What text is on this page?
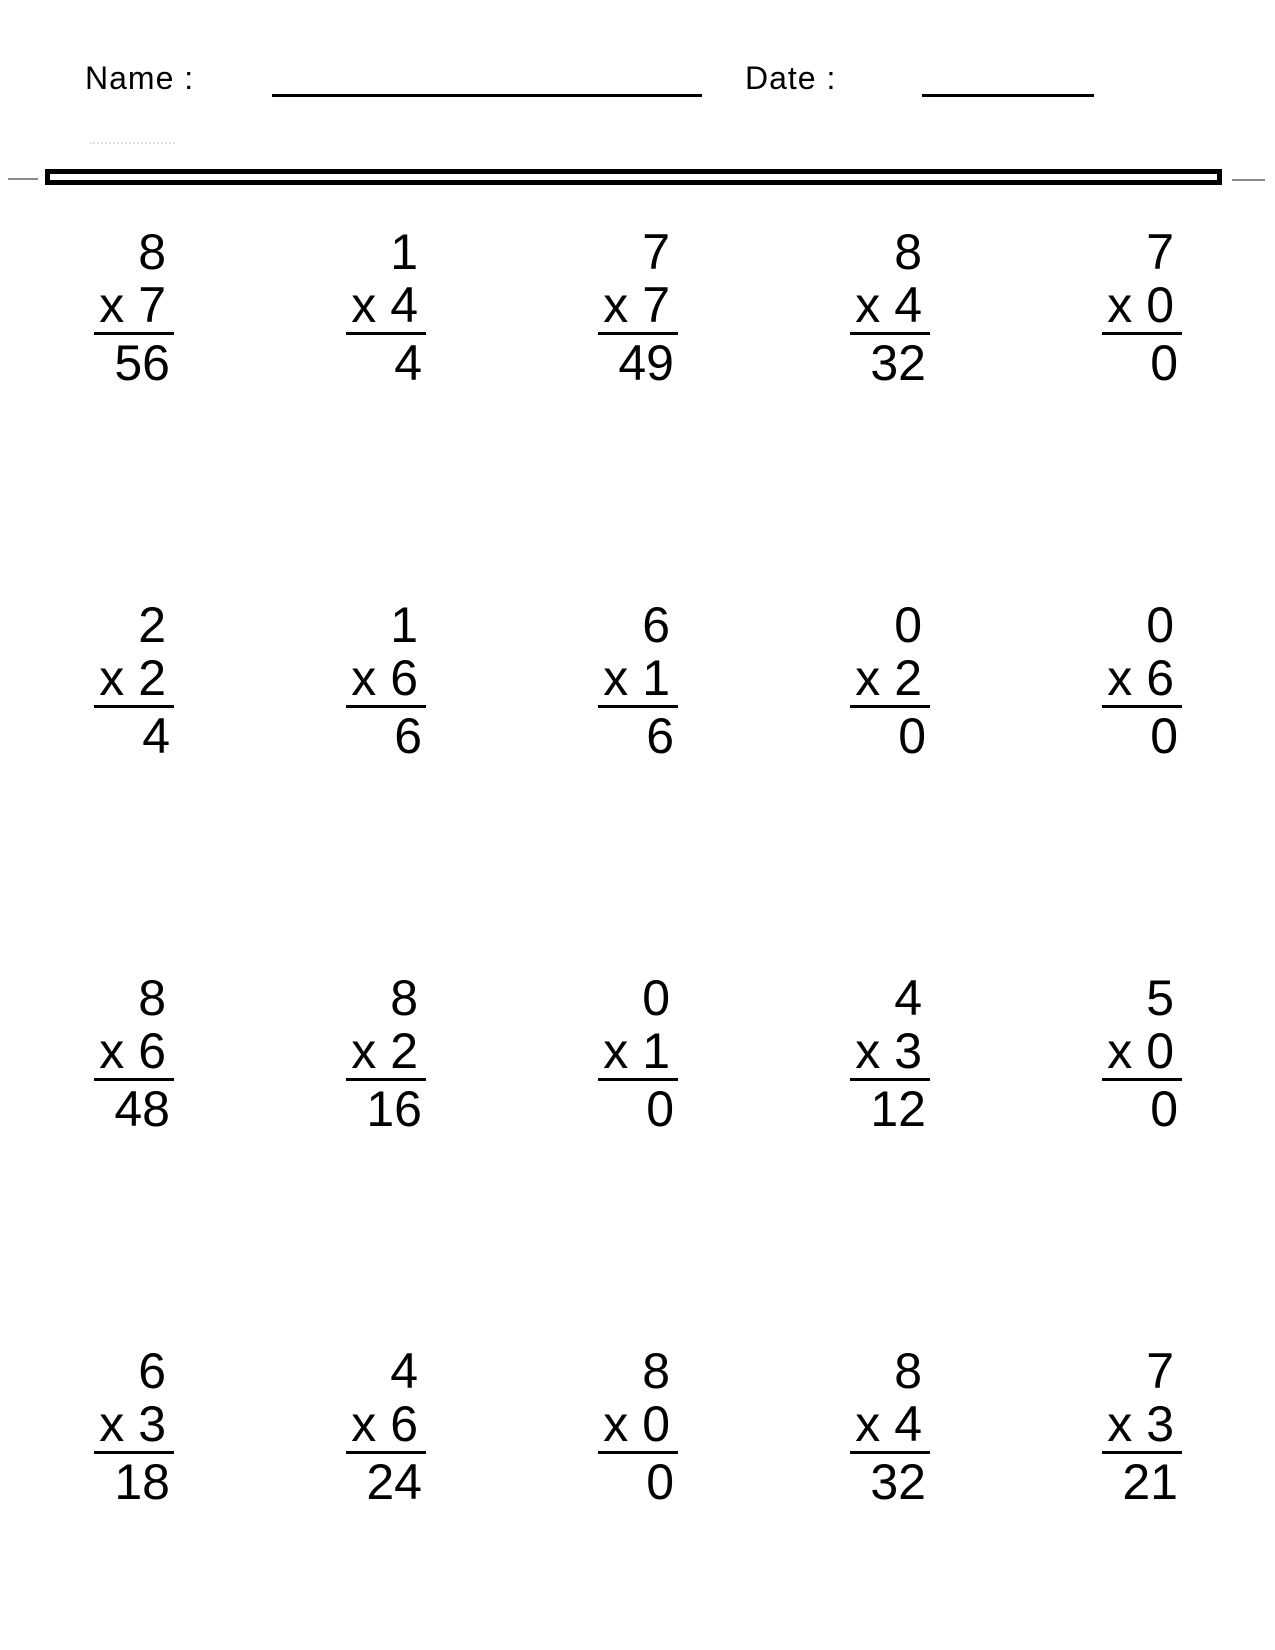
Name :	Date :
8
x 7
56
1
x 4
4
7
x 7
49
8
x 4
32
7
x 0
0
2
x 2
4
1
x 6
6
6
x 1
6
0
x 2
0
0
x 6
0
8
x 6
48
8
x 2
16
0
x 1
0
4
x 3
12
5
x 0
0
6
x 3
18
4
x 6
24
8
x 0
0
8
x 4
32
7
x 3
21
